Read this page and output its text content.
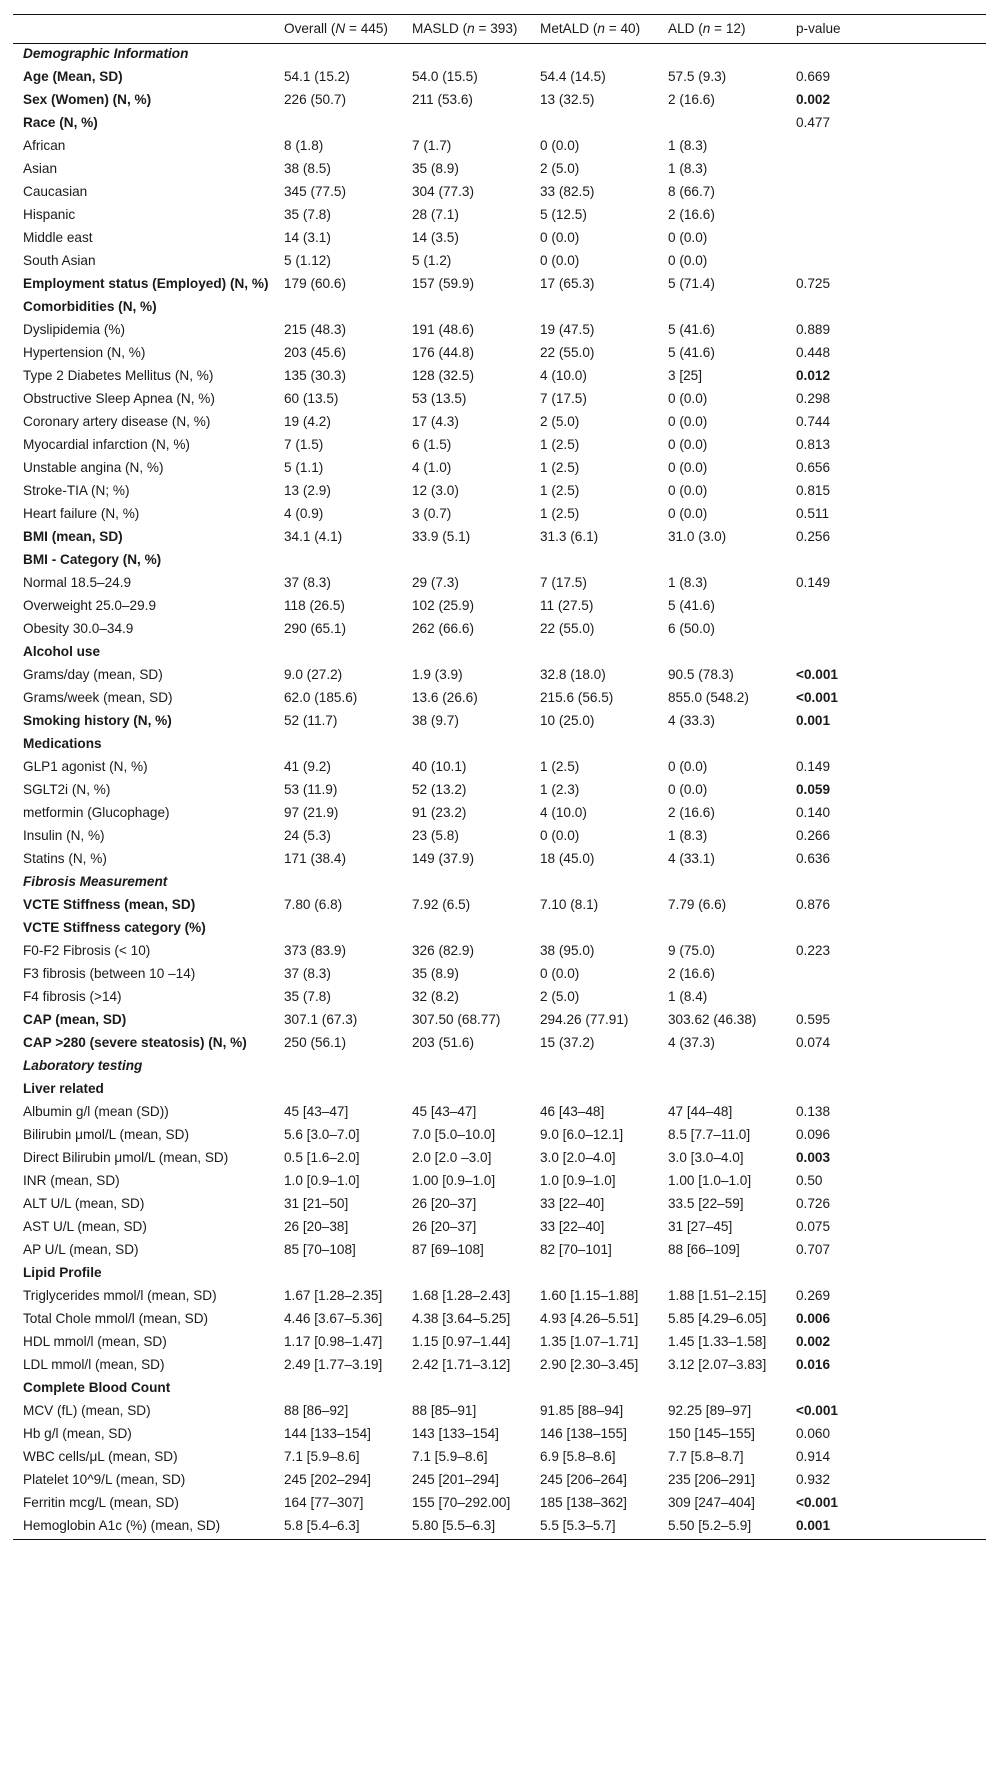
	Overall (N = 445)	MASLD (n = 393)	MetALD (n = 40)	ALD (n = 12)	p-value
Demographic Information					
Age (Mean, SD)	54.1 (15.2)	54.0 (15.5)	54.4 (14.5)	57.5 (9.3)	0.669
Sex (Women) (N, %)	226 (50.7)	211 (53.6)	13 (32.5)	2 (16.6)	0.002
Race (N, %)					0.477
African	8 (1.8)	7 (1.7)	0 (0.0)	1 (8.3)	
Asian	38 (8.5)	35 (8.9)	2 (5.0)	1 (8.3)	
Caucasian	345 (77.5)	304 (77.3)	33 (82.5)	8 (66.7)	
Hispanic	35 (7.8)	28 (7.1)	5 (12.5)	2 (16.6)	
Middle east	14 (3.1)	14 (3.5)	0 (0.0)	0 (0.0)	
South Asian	5 (1.12)	5 (1.2)	0 (0.0)	0 (0.0)	
Employment status (Employed) (N, %)	179 (60.6)	157 (59.9)	17 (65.3)	5 (71.4)	0.725
Comorbidities (N, %)					
Dyslipidemia (%)	215 (48.3)	191 (48.6)	19 (47.5)	5 (41.6)	0.889
Hypertension (N, %)	203 (45.6)	176 (44.8)	22 (55.0)	5 (41.6)	0.448
Type 2 Diabetes Mellitus (N, %)	135 (30.3)	128 (32.5)	4 (10.0)	3 [25]	0.012
Obstructive Sleep Apnea (N, %)	60 (13.5)	53 (13.5)	7 (17.5)	0 (0.0)	0.298
Coronary artery disease (N, %)	19 (4.2)	17 (4.3)	2 (5.0)	0 (0.0)	0.744
Myocardial infarction (N, %)	7 (1.5)	6 (1.5)	1 (2.5)	0 (0.0)	0.813
Unstable angina (N, %)	5 (1.1)	4 (1.0)	1 (2.5)	0 (0.0)	0.656
Stroke-TIA (N; %)	13 (2.9)	12 (3.0)	1 (2.5)	0 (0.0)	0.815
Heart failure (N, %)	4 (0.9)	3 (0.7)	1 (2.5)	0 (0.0)	0.511
BMI (mean, SD)	34.1 (4.1)	33.9 (5.1)	31.3 (6.1)	31.0 (3.0)	0.256
BMI - Category (N, %)					
Normal 18.5–24.9	37 (8.3)	29 (7.3)	7 (17.5)	1 (8.3)	0.149
Overweight 25.0–29.9	118 (26.5)	102 (25.9)	11 (27.5)	5 (41.6)	
Obesity 30.0–34.9	290 (65.1)	262 (66.6)	22 (55.0)	6 (50.0)	
Alcohol use					
Grams/day (mean, SD)	9.0 (27.2)	1.9 (3.9)	32.8 (18.0)	90.5 (78.3)	<0.001
Grams/week (mean, SD)	62.0 (185.6)	13.6 (26.6)	215.6 (56.5)	855.0 (548.2)	<0.001
Smoking history (N, %)	52 (11.7)	38 (9.7)	10 (25.0)	4 (33.3)	0.001
Medications					
GLP1 agonist (N, %)	41 (9.2)	40 (10.1)	1 (2.5)	0 (0.0)	0.149
SGLT2i (N, %)	53 (11.9)	52 (13.2)	1 (2.3)	0 (0.0)	0.059
metformin (Glucophage)	97 (21.9)	91 (23.2)	4 (10.0)	2 (16.6)	0.140
Insulin (N, %)	24 (5.3)	23 (5.8)	0 (0.0)	1 (8.3)	0.266
Statins (N, %)	171 (38.4)	149 (37.9)	18 (45.0)	4 (33.1)	0.636
Fibrosis Measurement					
VCTE Stiffness (mean, SD)	7.80 (6.8)	7.92 (6.5)	7.10 (8.1)	7.79 (6.6)	0.876
VCTE Stiffness category (%)					
F0-F2 Fibrosis (< 10)	373 (83.9)	326 (82.9)	38 (95.0)	9 (75.0)	0.223
F3 fibrosis (between 10 –14)	37 (8.3)	35 (8.9)	0 (0.0)	2 (16.6)	
F4 fibrosis (>14)	35 (7.8)	32 (8.2)	2 (5.0)	1 (8.4)	
CAP (mean, SD)	307.1 (67.3)	307.50 (68.77)	294.26 (77.91)	303.62 (46.38)	0.595
CAP >280 (severe steatosis) (N, %)	250 (56.1)	203 (51.6)	15 (37.2)	4 (37.3)	0.074
Laboratory testing					
Liver related					
Albumin g/l (mean (SD))	45 [43–47]	45 [43–47]	46 [43–48]	47 [44–48]	0.138
Bilirubin μmol/L (mean, SD)	5.6 [3.0–7.0]	7.0 [5.0–10.0]	9.0 [6.0–12.1]	8.5 [7.7–11.0]	0.096
Direct Bilirubin μmol/L (mean, SD)	0.5 [1.6–2.0]	2.0 [2.0 –3.0]	3.0 [2.0–4.0]	3.0 [3.0–4.0]	0.003
INR (mean, SD)	1.0 [0.9–1.0]	1.00 [0.9–1.0]	1.0 [0.9–1.0]	1.00 [1.0–1.0]	0.50
ALT U/L (mean, SD)	31 [21–50]	26 [20–37]	33 [22–40]	33.5 [22–59]	0.726
AST U/L (mean, SD)	26 [20–38]	26 [20–37]	33 [22–40]	31 [27–45]	0.075
AP U/L (mean, SD)	85 [70–108]	87 [69–108]	82 [70–101]	88 [66–109]	0.707
Lipid Profile					
Triglycerides mmol/l (mean, SD)	1.67 [1.28–2.35]	1.68 [1.28–2.43]	1.60 [1.15–1.88]	1.88 [1.51–2.15]	0.269
Total Chole mmol/l (mean, SD)	4.46 [3.67–5.36]	4.38 [3.64–5.25]	4.93 [4.26–5.51]	5.85 [4.29–6.05]	0.006
HDL mmol/l (mean, SD)	1.17 [0.98–1.47]	1.15 [0.97–1.44]	1.35 [1.07–1.71]	1.45 [1.33–1.58]	0.002
LDL mmol/l (mean, SD)	2.49 [1.77–3.19]	2.42 [1.71–3.12]	2.90 [2.30–3.45]	3.12 [2.07–3.83]	0.016
Complete Blood Count					
MCV (fL) (mean, SD)	88 [86–92]	88 [85–91]	91.85 [88–94]	92.25 [89–97]	<0.001
Hb g/l (mean, SD)	144 [133–154]	143 [133–154]	146 [138–155]	150 [145–155]	0.060
WBC cells/μL (mean, SD)	7.1 [5.9–8.6]	7.1 [5.9–8.6]	6.9 [5.8–8.6]	7.7 [5.8–8.7]	0.914
Platelet 10^9/L (mean, SD)	245 [202–294]	245 [201–294]	245 [206–264]	235 [206–291]	0.932
Ferritin mcg/L (mean, SD)	164 [77–307]	155 [70–292.00]	185 [138–362]	309 [247–404]	<0.001
Hemoglobin A1c (%) (mean, SD)	5.8 [5.4–6.3]	5.80 [5.5–6.3]	5.5 [5.3–5.7]	5.50 [5.2–5.9]	0.001
